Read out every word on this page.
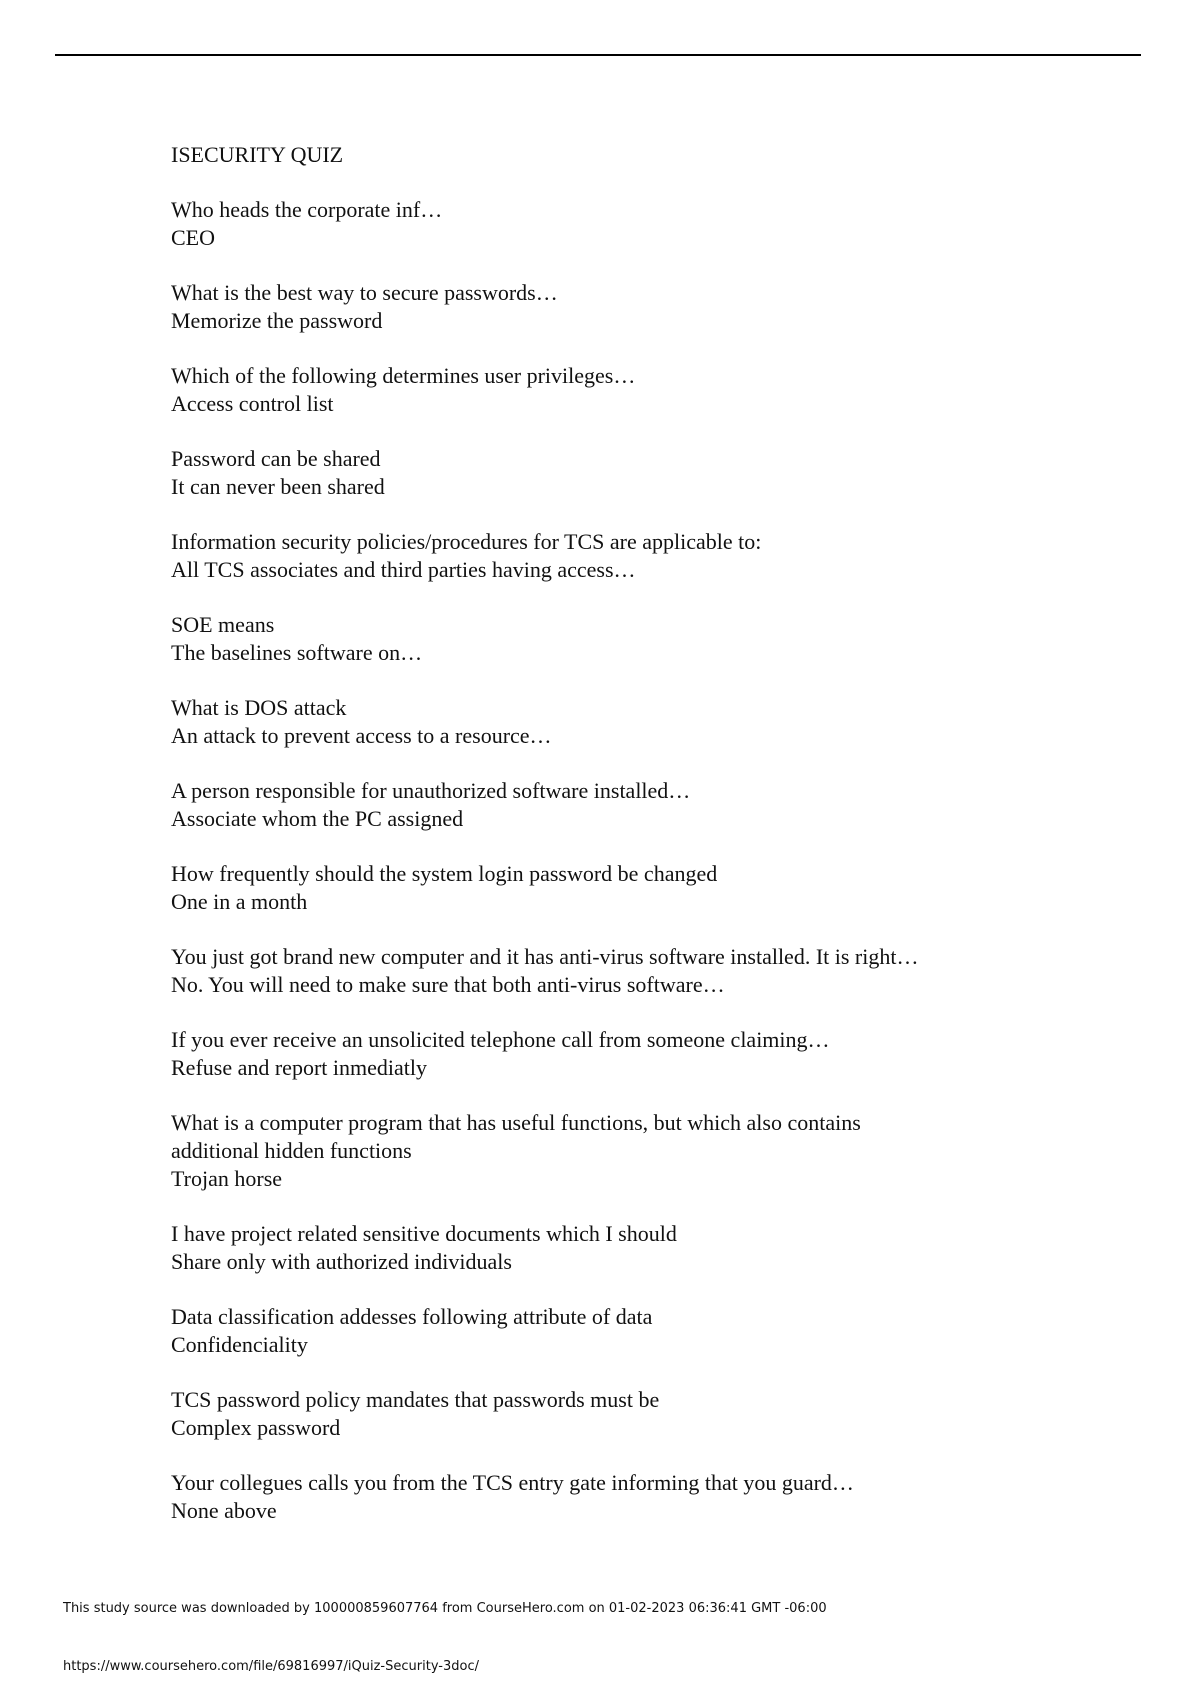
ISECURITY QUIZ
Who heads the corporate inf…
CEO
What is the best way to secure passwords…
Memorize the password
Which of the following determines user privileges…
Access control list
Password can be shared
It can never been shared
Information security policies/procedures for TCS are applicable to:
All TCS associates and third parties having access…
SOE means
The baselines software on…
What is DOS attack
An attack to prevent access to a resource…
A person responsible for unauthorized software installed…
Associate whom the PC assigned
How frequently should the system login password be changed
One in a month
You just got brand new computer and it has anti-virus software installed. It is right…
No. You will need to make sure that both anti-virus software…
If you ever receive an unsolicited telephone call from someone claiming…
Refuse and report inmediatly
What is a computer program that has useful functions, but which also contains
additional hidden functions
Trojan horse
I have project related sensitive documents which I should
Share only with authorized individuals
Data classification addesses following attribute of data
Confidenciality
TCS password policy mandates that passwords must be
Complex password
Your collegues calls you from the TCS entry gate informing that you guard…
None above
This study source was downloaded by 100000859607764 from CourseHero.com on 01-02-2023 06:36:41 GMT -06:00
https://www.coursehero.com/file/69816997/iQuiz-Security-3doc/
